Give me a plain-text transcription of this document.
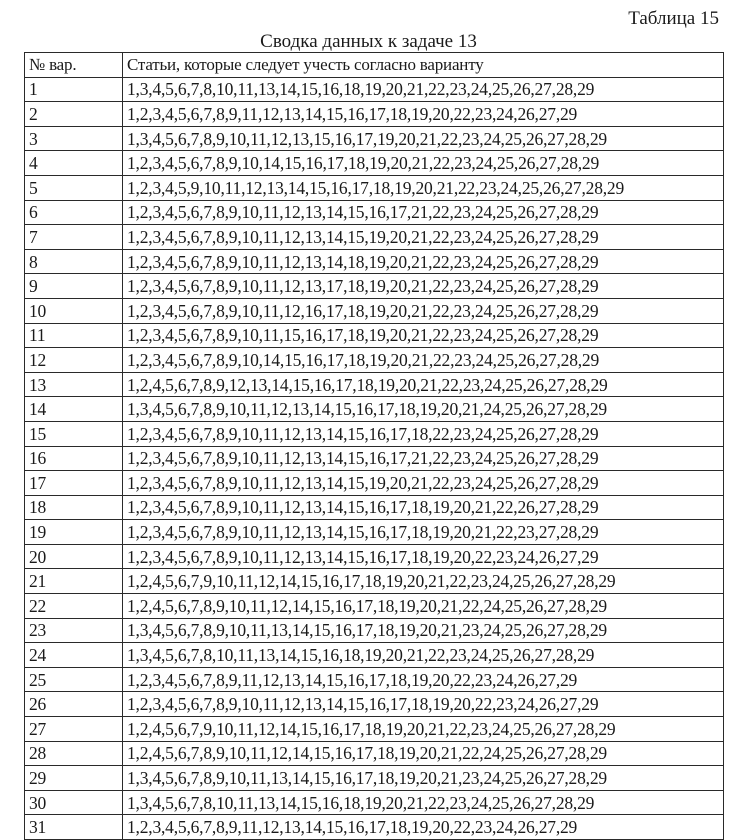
Таблица 15
Сводка данных к задаче 13
№ вар.	Статьи, которые следует учесть согласно варианту
1	1,3,4,5,6,7,8,10,11,13,14,15,16,18,19,20,21,22,23,24,25,26,27,28,29
2	1,2,3,4,5,6,7,8,9,11,12,13,14,15,16,17,18,19,20,22,23,24,26,27,29
3	1,3,4,5,6,7,8,9,10,11,12,13,15,16,17,19,20,21,22,23,24,25,26,27,28,29
4	1,2,3,4,5,6,7,8,9,10,14,15,16,17,18,19,20,21,22,23,24,25,26,27,28,29
5	1,2,3,4,5,9,10,11,12,13,14,15,16,17,18,19,20,21,22,23,24,25,26,27,28,29
6	1,2,3,4,5,6,7,8,9,10,11,12,13,14,15,16,17,21,22,23,24,25,26,27,28,29
7	1,2,3,4,5,6,7,8,9,10,11,12,13,14,15,19,20,21,22,23,24,25,26,27,28,29
8	1,2,3,4,5,6,7,8,9,10,11,12,13,14,18,19,20,21,22,23,24,25,26,27,28,29
9	1,2,3,4,5,6,7,8,9,10,11,12,13,17,18,19,20,21,22,23,24,25,26,27,28,29
10	1,2,3,4,5,6,7,8,9,10,11,12,16,17,18,19,20,21,22,23,24,25,26,27,28,29
11	1,2,3,4,5,6,7,8,9,10,11,15,16,17,18,19,20,21,22,23,24,25,26,27,28,29
12	1,2,3,4,5,6,7,8,9,10,14,15,16,17,18,19,20,21,22,23,24,25,26,27,28,29
13	1,2,4,5,6,7,8,9,12,13,14,15,16,17,18,19,20,21,22,23,24,25,26,27,28,29
14	1,3,4,5,6,7,8,9,10,11,12,13,14,15,16,17,18,19,20,21,24,25,26,27,28,29
15	1,2,3,4,5,6,7,8,9,10,11,12,13,14,15,16,17,18,22,23,24,25,26,27,28,29
16	1,2,3,4,5,6,7,8,9,10,11,12,13,14,15,16,17,21,22,23,24,25,26,27,28,29
17	1,2,3,4,5,6,7,8,9,10,11,12,13,14,15,19,20,21,22,23,24,25,26,27,28,29
18	1,2,3,4,5,6,7,8,9,10,11,12,13,14,15,16,17,18,19,20,21,22,26,27,28,29
19	1,2,3,4,5,6,7,8,9,10,11,12,13,14,15,16,17,18,19,20,21,22,23,27,28,29
20	1,2,3,4,5,6,7,8,9,10,11,12,13,14,15,16,17,18,19,20,22,23,24,26,27,29
21	1,2,4,5,6,7,9,10,11,12,14,15,16,17,18,19,20,21,22,23,24,25,26,27,28,29
22	1,2,4,5,6,7,8,9,10,11,12,14,15,16,17,18,19,20,21,22,24,25,26,27,28,29
23	1,3,4,5,6,7,8,9,10,11,13,14,15,16,17,18,19,20,21,23,24,25,26,27,28,29
24	1,3,4,5,6,7,8,10,11,13,14,15,16,18,19,20,21,22,23,24,25,26,27,28,29
25	1,2,3,4,5,6,7,8,9,11,12,13,14,15,16,17,18,19,20,22,23,24,26,27,29
26	1,2,3,4,5,6,7,8,9,10,11,12,13,14,15,16,17,18,19,20,22,23,24,26,27,29
27	1,2,4,5,6,7,9,10,11,12,14,15,16,17,18,19,20,21,22,23,24,25,26,27,28,29
28	1,2,4,5,6,7,8,9,10,11,12,14,15,16,17,18,19,20,21,22,24,25,26,27,28,29
29	1,3,4,5,6,7,8,9,10,11,13,14,15,16,17,18,19,20,21,23,24,25,26,27,28,29
30	1,3,4,5,6,7,8,10,11,13,14,15,16,18,19,20,21,22,23,24,25,26,27,28,29
31	1,2,3,4,5,6,7,8,9,11,12,13,14,15,16,17,18,19,20,22,23,24,26,27,29
